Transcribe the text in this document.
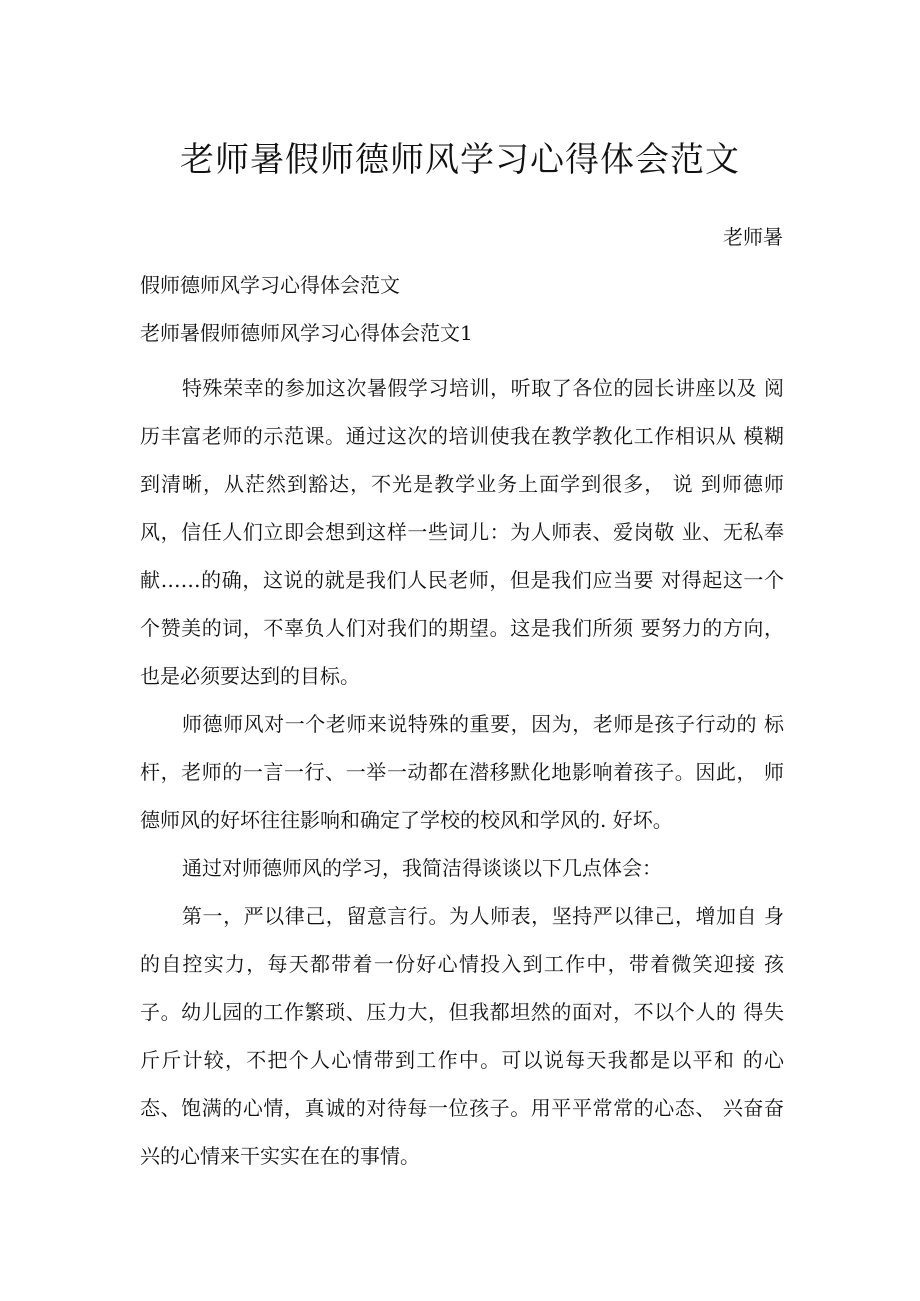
老师暑假师德师风学习心得体会范文

老师暑

假师德师风学习心得体会范文

老师暑假师德师风学习心得体会范文1

特殊荣幸的参加这次暑假学习培训，听取了各位的园长讲座以及 阅历丰富老师的示范课。通过这次的培训使我在教学教化工作相识从 模糊到清晰，从茫然到豁达，不光是教学业务上面学到很多， 说 到师德师风，信任人们立即会想到这样一些词儿：为人师表、爱岗敬 业、无私奉献……的确，这说的就是我们人民老师，但是我们应当要 对得起这一个个赞美的词，不辜负人们对我们的期望。这是我们所须 要努力的方向，也是必须要达到的目标。

师德师风对一个老师来说特殊的重要，因为，老师是孩子行动的 标杆，老师的一言一行、一举一动都在潜移默化地影响着孩子。因此， 师德师风的好坏往往影响和确定了学校的校风和学风的. 好坏。

通过对师德师风的学习，我简洁得谈谈以下几点体会：

第一，严以律己，留意言行。为人师表，坚持严以律己，增加自 身的自控实力，每天都带着一份好心情投入到工作中，带着微笑迎接 孩子。幼儿园的工作繁琐、压力大，但我都坦然的面对，不以个人的 得失斤斤计较，不把个人心情带到工作中。可以说每天我都是以平和 的心态、饱满的心情，真诚的对待每一位孩子。用平平常常的心态、 兴奋奋兴的心情来干实实在在的事情。
